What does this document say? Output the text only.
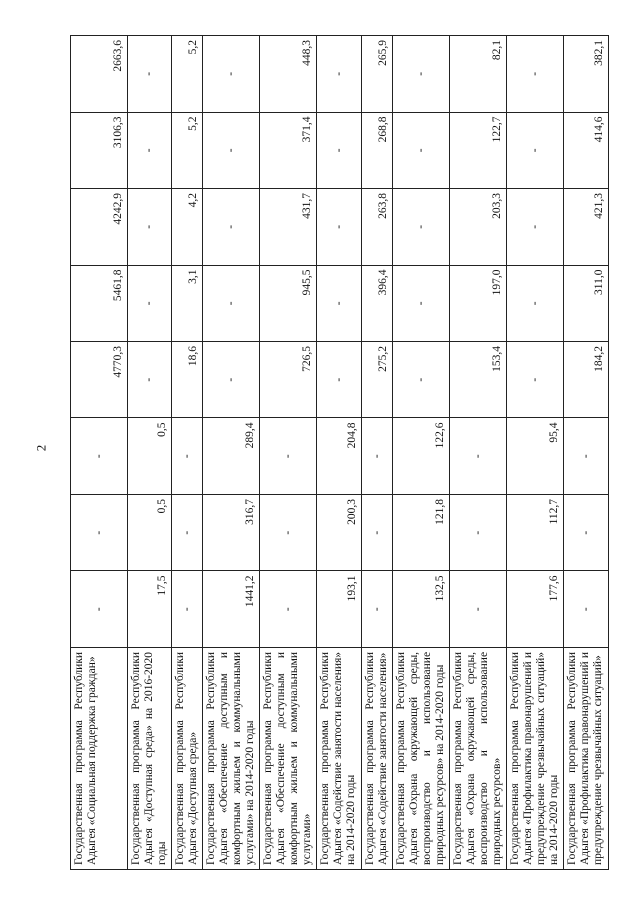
2
Государственная программа Республики Адыгея «Социальная поддержка граждан»	-	-	-	4770,3	5461,8	4242,9	3106,3	2663,6
Государственная программа Республики Адыгея «Доступная среда» на 2016-2020 годы	17,5	0,5	0,5	-	-	-	-	-
Государственная программа Республики Адыгея «Доступная среда»	-	-	-	18,6	3,1	4,2	5,2	5,2
Государственная программа Республики Адыгея «Обеспечение доступным и комфортным жильем и коммунальными услугами» на 2014-2020 годы	1441,2	316,7	289,4	-	-	-	-	-
Государственная программа Республики Адыгея «Обеспечение доступным и комфортным жильем и коммунальными услугами»	-	-	-	726,5	945,5	431,7	371,4	448,3
Государственная программа Республики Адыгея «Содействие занятости населения» на 2014-2020 годы	193,1	200,3	204,8	-	-	-	-	-
Государственная программа Республики Адыгея «Содействие занятости населения»	-	-	-	275,2	396,4	263,8	268,8	265,9
Государственная программа Республики Адыгея «Охрана окружающей среды, воспроизводство и использование природных ресурсов» на 2014-2020 годы	132,5	121,8	122,6	-	-	-	-	-
Государственная программа Республики Адыгея «Охрана окружающей среды, воспроизводство и использование природных ресурсов»	-	-	-	153,4	197,0	203,3	122,7	82,1
Государственная программа Республики Адыгея «Профилактика правонарушений и предупреждение чрезвычайных ситуаций» на 2014-2020 годы	177,6	112,7	95,4	-	-	-	-	-
Государственная программа Республики Адыгея «Профилактика правонарушений и предупреждение чрезвычайных ситуаций»	-	-	-	184,2	311,0	421,3	414,6	382,1
